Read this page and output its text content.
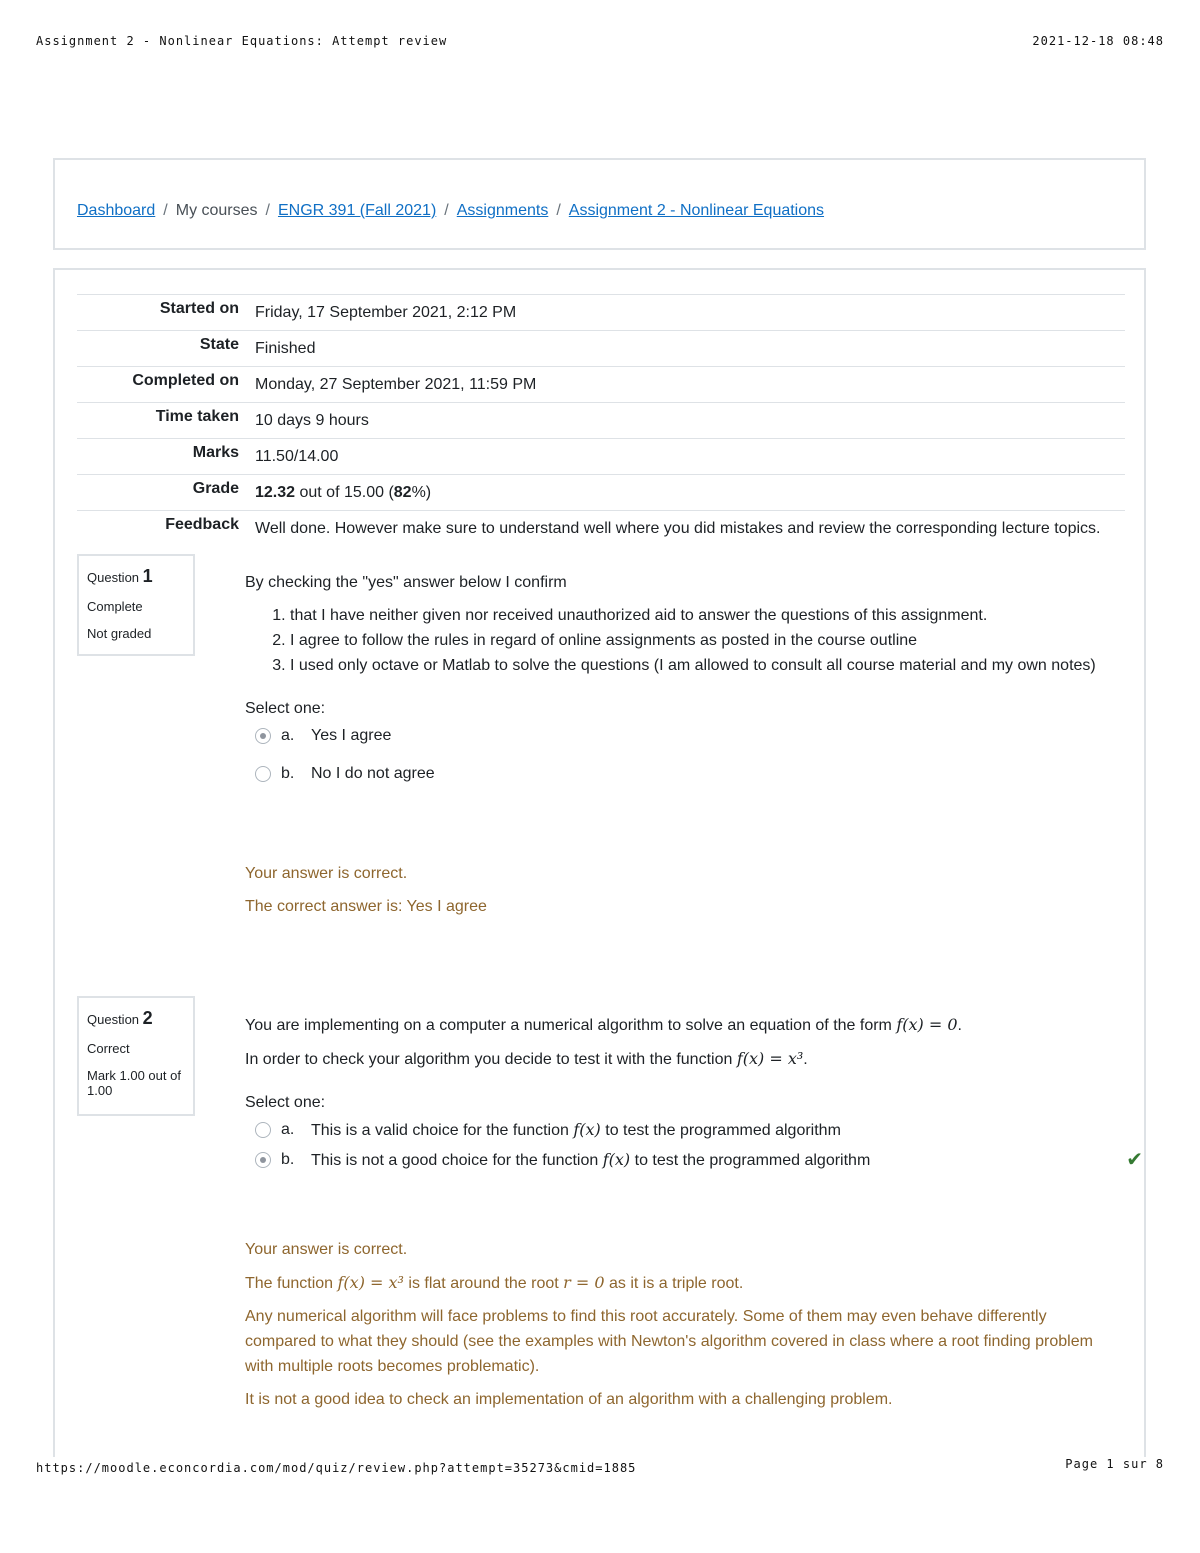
Assignment 2 - Nonlinear Equations: Attempt review	2021-12-18 08:48
Dashboard / My courses / ENGR 391 (Fall 2021) / Assignments / Assignment 2 - Nonlinear Equations
Started on	Friday, 17 September 2021, 2:12 PM
State	Finished
Completed on	Monday, 27 September 2021, 11:59 PM
Time taken	10 days 9 hours
Marks	11.50/14.00
Grade	12.32 out of 15.00 (82%)
Feedback	Well done. However make sure to understand well where you did mistakes and review the corresponding lecture topics.
Question 1
Complete
Not graded
By checking the "yes" answer below I confirm
1. that I have neither given nor received unauthorized aid to answer the questions of this assignment.
2. I agree to follow the rules in regard of online assignments as posted in the course outline
3. I used only octave or Matlab to solve the questions (I am allowed to consult all course material and my own notes)
Select one:
a.	Yes I agree
b.	No I do not agree

Your answer is correct.

The correct answer is: Yes I agree

Question 2
Correct
Mark 1.00 out of 1.00
You are implementing on a computer a numerical algorithm to solve an equation of the form f(x) = 0.
In order to check your algorithm you decide to test it with the function f(x) = x³.
Select one:
a.	This is a valid choice for the function f(x) to test the programmed algorithm
b.	This is not a good choice for the function f(x) to test the programmed algorithm	✔

Your answer is correct.

The function f(x) = x³ is flat around the root r = 0 as it is a triple root.

Any numerical algorithm will face problems to find this root accurately. Some of them may even behave differently compared to what they should (see the examples with Newton's algorithm covered in class where a root finding problem with multiple roots becomes problematic).

It is not a good idea to check an implementation of an algorithm with a challenging problem.

https://moodle.econcordia.com/mod/quiz/review.php?attempt=35273&cmid=1885	Page 1 sur 8
